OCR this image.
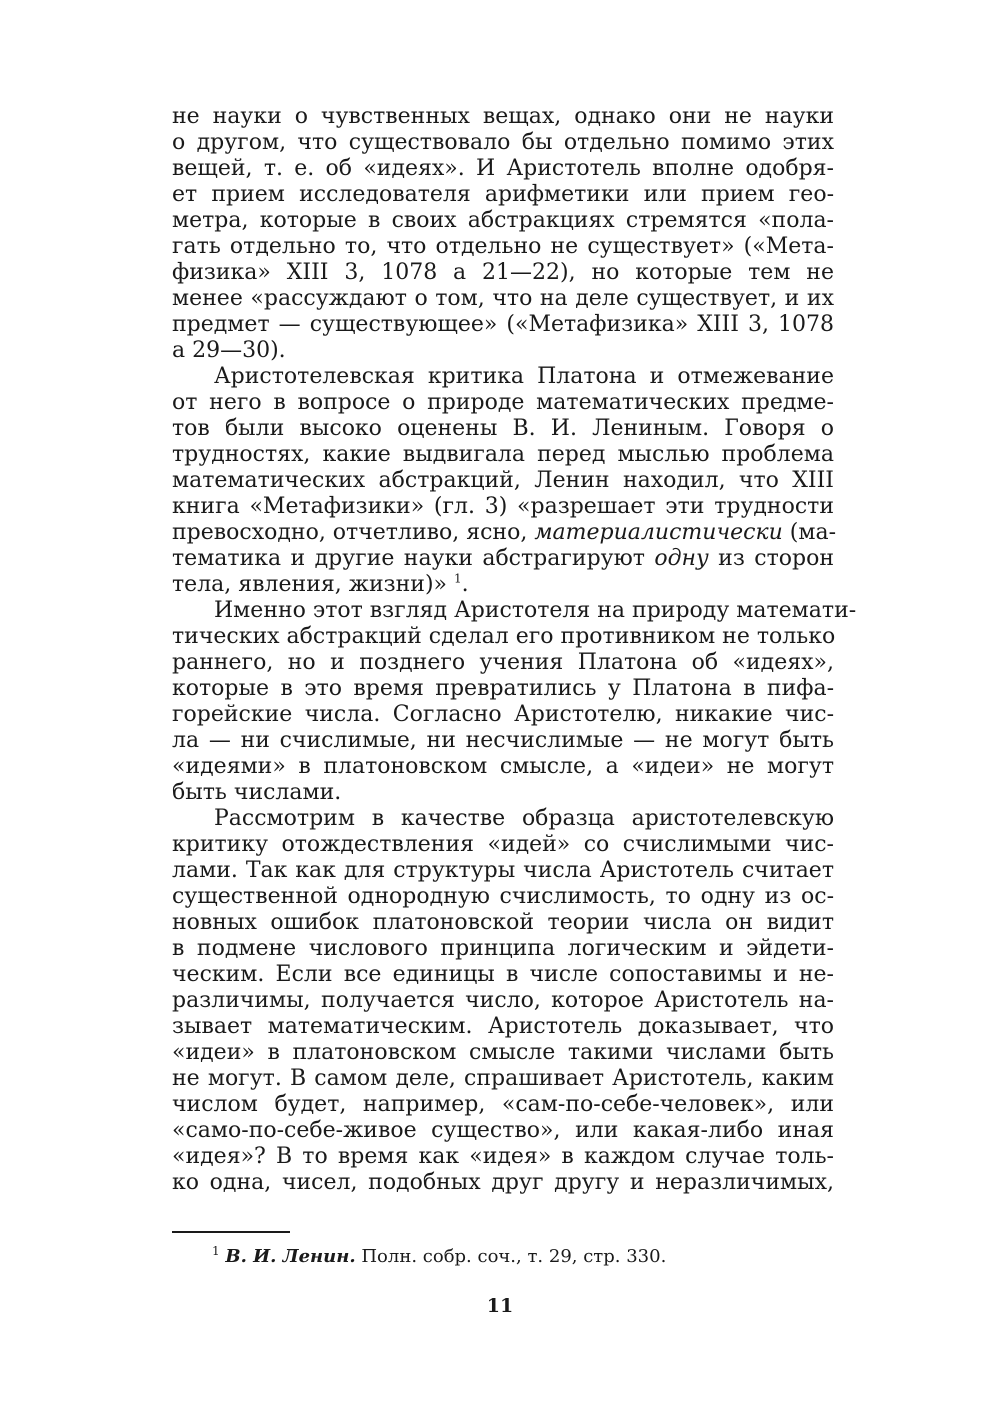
не науки о чувственных вещах, однако они не науки
о другом, что существовало бы отдельно помимо этих
вещей, т. е. об «идеях». И Аристотель вполне одобря-
ет прием исследователя арифметики или прием гео-
метра, которые в своих абстракциях стремятся «пола-
гать отдельно то, что отдельно не существует» («Мета-
физика» XIII 3, 1078 а 21—22), но которые тем не
менее «рассуждают о том, что на деле существует, и их
предмет — существующее» («Метафизика» XIII 3, 1078
а 29—30).
Аристотелевская критика Платона и отмежевание
от него в вопросе о природе математических предме-
тов были высоко оценены В. И. Лениным. Говоря о
трудностях, какие выдвигала перед мыслью проблема
математических абстракций, Ленин находил, что XIII
книга «Метафизики» (гл. 3) «разрешает эти трудности
превосходно, отчетливо, ясно, материалистически (ма-
тематика и другие науки абстрагируют одну из сторон
тела, явления, жизни)» $^1$.
Именно этот взгляд Аристотеля на природу математи-
тических абстракций сделал его противником не только
раннего, но и позднего учения Платона об «идеях»,
которые в это время превратились у Платона в пифа-
горейские числа. Согласно Аристотелю, никакие чис-
ла — ни счислимые, ни несчислимые — не могут быть
«идеями» в платоновском смысле, а «идеи» не могут
быть числами.
Рассмотрим в качестве образца аристотелевскую
критику отождествления «идей» со счислимыми чис-
лами. Так как для структуры числа Аристотель считает
существенной однородную счислимость, то одну из ос-
новных ошибок платоновской теории числа он видит
в подмене числового принципа логическим и эйдети-
ческим. Если все единицы в числе сопоставимы и не-
различимы, получается число, которое Аристотель на-
зывает математическим. Аристотель доказывает, что
«идеи» в платоновском смысле такими числами быть
не могут. В самом деле, спрашивает Аристотель, каким
числом будет, например, «сам-по-себе-человек», или
«само-по-себе-живое существо», или какая-либо иная
«идея»? В то время как «идея» в каждом случае толь-
ко одна, чисел, подобных друг другу и неразличимых,
$^1$ В. И. Ленин. Полн. собр. соч., т. 29, стр. 330.
11
